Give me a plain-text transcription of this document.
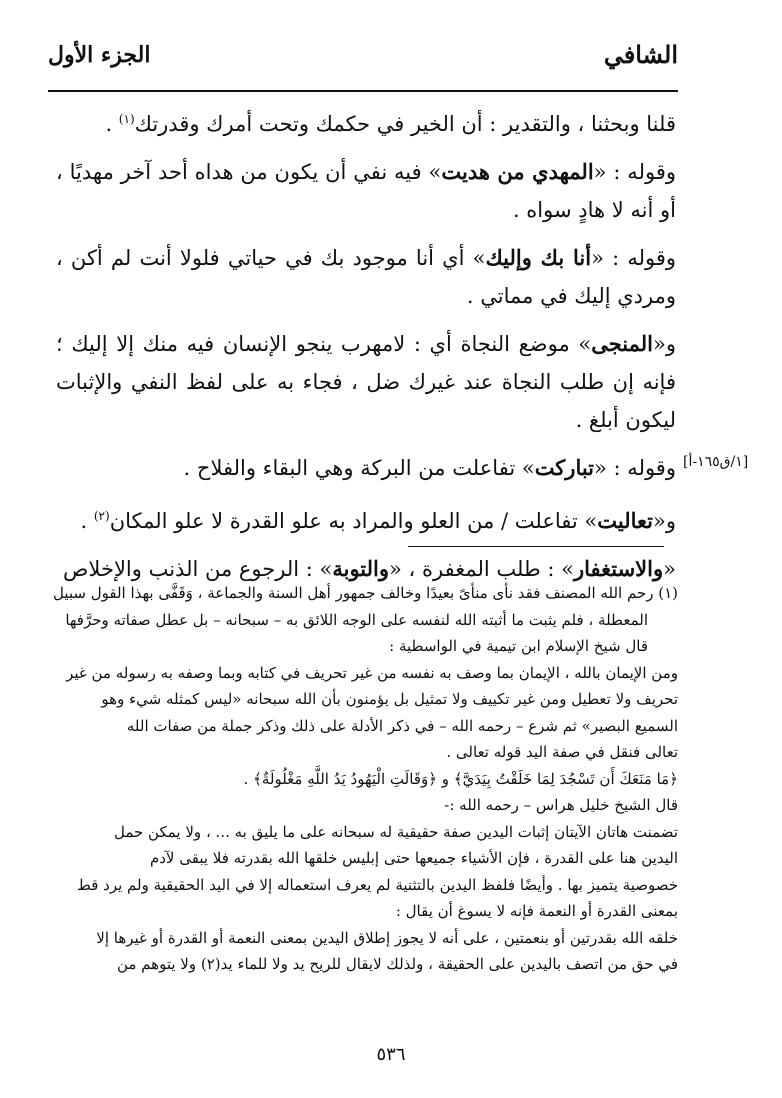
الشافي
الجزء الأول

قلنا وبحثنا ، والتقدير : أن الخير في حكمك وتحت أمرك وقدرتك$^{(١)}$ .

وقوله : «المهدي من هديت» فيه نفي أن يكون من هداه أحد آخر مهديًا ، أو أنه لا هادٍ سواه .

وقوله : «أنا بك وإليك» أي أنا موجود بك في حياتي فلولا أنت لم أكن ، ومردي إليك في مماتي .

و«المنجى» موضع النجاة أي : لامهرب ينجو الإنسان فيه منك إلا إليك ؛ فإنه إن طلب النجاة عند غيرك ضل ، فجاء به على لفظ النفي والإثبات ليكون أبلغ .

وقوله : «تباركت» تفاعلت من البركة وهي البقاء والفلاح .

و«تعاليت» تفاعلت / من العلو والمراد به علو القدرة لا علو المكان$^{(٢)}$ .

«والاستغفار» : طلب المغفرة ، «والتوبة» : الرجوع من الذنب والإخلاص

[١/ق١٦٥-أ]

(١) رحم الله المصنف فقد نأى منأىً بعيدًا وخالف جمهور أهل السنة والجماعة ، وَقَفَّى بهذا القول سبيل

المعطلة ، فلم يثبت ما أثبته الله لنفسه على الوجه اللائق به – سبحانه – بل عطل صفاته وحرَّفها

قال شيخ الإسلام ابن تيمية في الواسطية :

ومن الإيمان بالله ، الإيمان بما وصف به نفسه من غير تحريف في كتابه وبما وصفه به رسوله من غير

تحريف ولا تعطيل ومن غير تكييف ولا تمثيل بل يؤمنون بأن الله سبحانه «ليس كمثله شيء وهو

السميع البصير» ثم شرع – رحمه الله – في ذكر الأدلة على ذلك وذكر جملة من صفات الله

تعالى فنقل في صفة اليد قوله تعالى .

﴿مَا مَنَعَكَ أَن تَسْجُدَ لِمَا خَلَقْتُ بِيَدَيَّ﴾ و ﴿وَقَالَتِ الْيَهُودُ يَدُ اللَّهِ مَغْلُولَةٌ﴾ .

قال الشيخ خليل هراس – رحمه الله :-

تضمنت هاتان الآيتان إثبات اليدين صفة حقيقية له سبحانه على ما يليق به ... ، ولا يمكن حمل

اليدين هنا على القدرة ، فإن الأشياء جميعها حتى إبليس خلقها الله بقدرته فلا يبقى لآدم

خصوصية يتميز بها . وأيضًا فلفظ اليدين بالتثنية لم يعرف استعماله إلا في اليد الحقيقية ولم يرد قط

بمعنى القدرة أو النعمة فإنه لا يسوغ أن يقال :

خلقه الله بقدرتين أو بنعمتين ، على أنه لا يجوز إطلاق اليدين بمعنى النعمة أو القدرة أو غيرها إلا

في حق من اتصف باليدين على الحقيقة ، ولذلك لايقال للريح يد ولا للماء يد(٢) ولا يتوهم من

٥٣٦
